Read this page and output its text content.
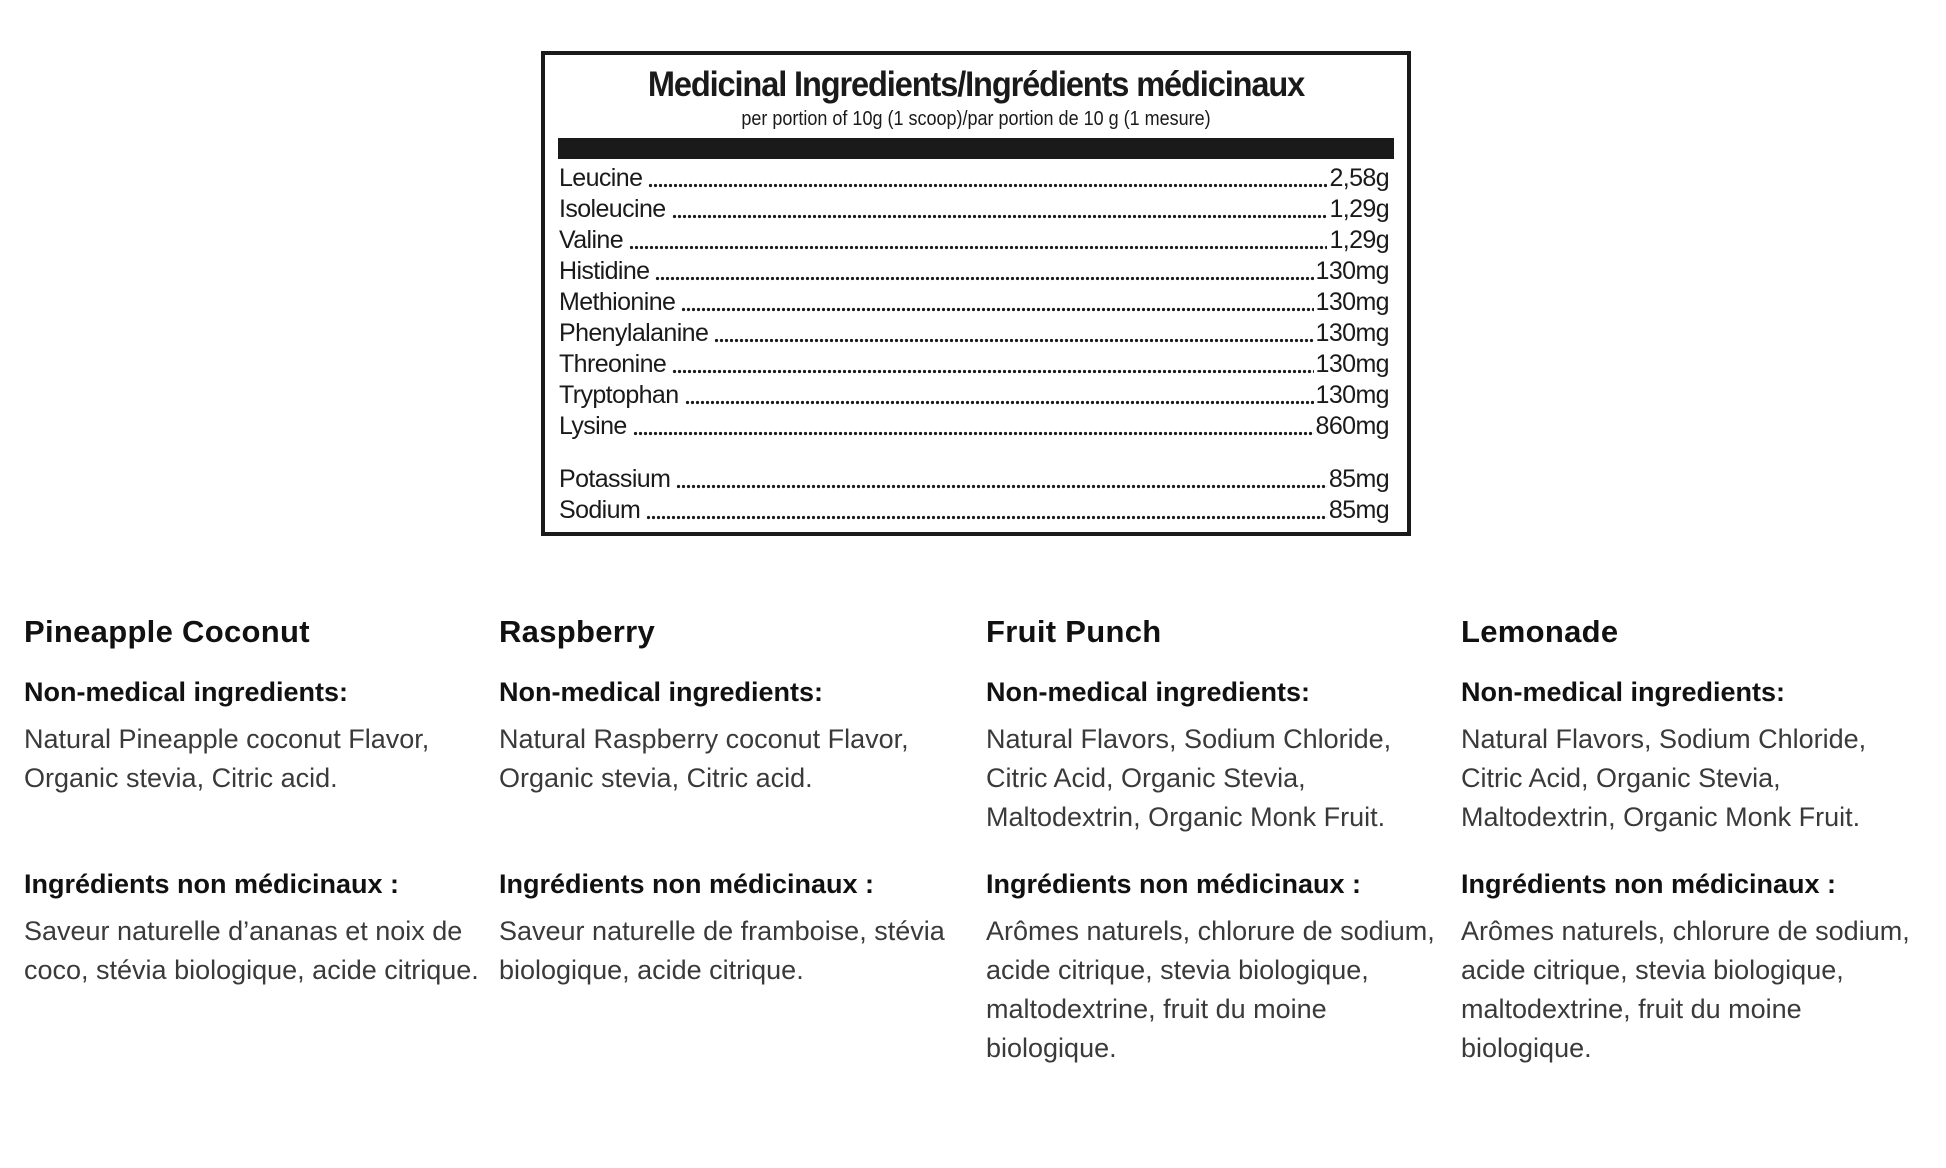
Medicinal Ingredients/Ingrédients médicinaux
per portion of 10g (1 scoop)/par portion de 10 g (1 mesure)
Leucine	2,58g
Isoleucine	1,29g
Valine	1,29g
Histidine	130mg
Methionine	130mg
Phenylalanine	130mg
Threonine	130mg
Tryptophan	130mg
Lysine	860mg
Potassium	85mg
Sodium	85mg
Pineapple Coconut
Non-medical ingredients:

Natural Pineapple coconut Flavor, Organic stevia, Citric acid.

Ingrédients non médicinaux :

Saveur naturelle d’ananas et noix de coco, stévia biologique, acide citrique.

Raspberry
Non-medical ingredients:

Natural Raspberry coconut Flavor, Organic stevia, Citric acid.

Ingrédients non médicinaux :

Saveur naturelle de framboise, stévia biologique, acide citrique.

Fruit Punch
Non-medical ingredients:

Natural Flavors, Sodium Chloride, Citric Acid, Organic Stevia, Maltodextrin, Organic Monk Fruit.

Ingrédients non médicinaux :

Arômes naturels, chlorure de sodium, acide citrique, stevia biologique, maltodextrine, fruit du moine biologique.

Lemonade
Non-medical ingredients:

Natural Flavors, Sodium Chloride, Citric Acid, Organic Stevia, Maltodextrin, Organic Monk Fruit.

Ingrédients non médicinaux :

Arômes naturels, chlorure de sodium, acide citrique, stevia biologique, maltodextrine, fruit du moine biologique.
